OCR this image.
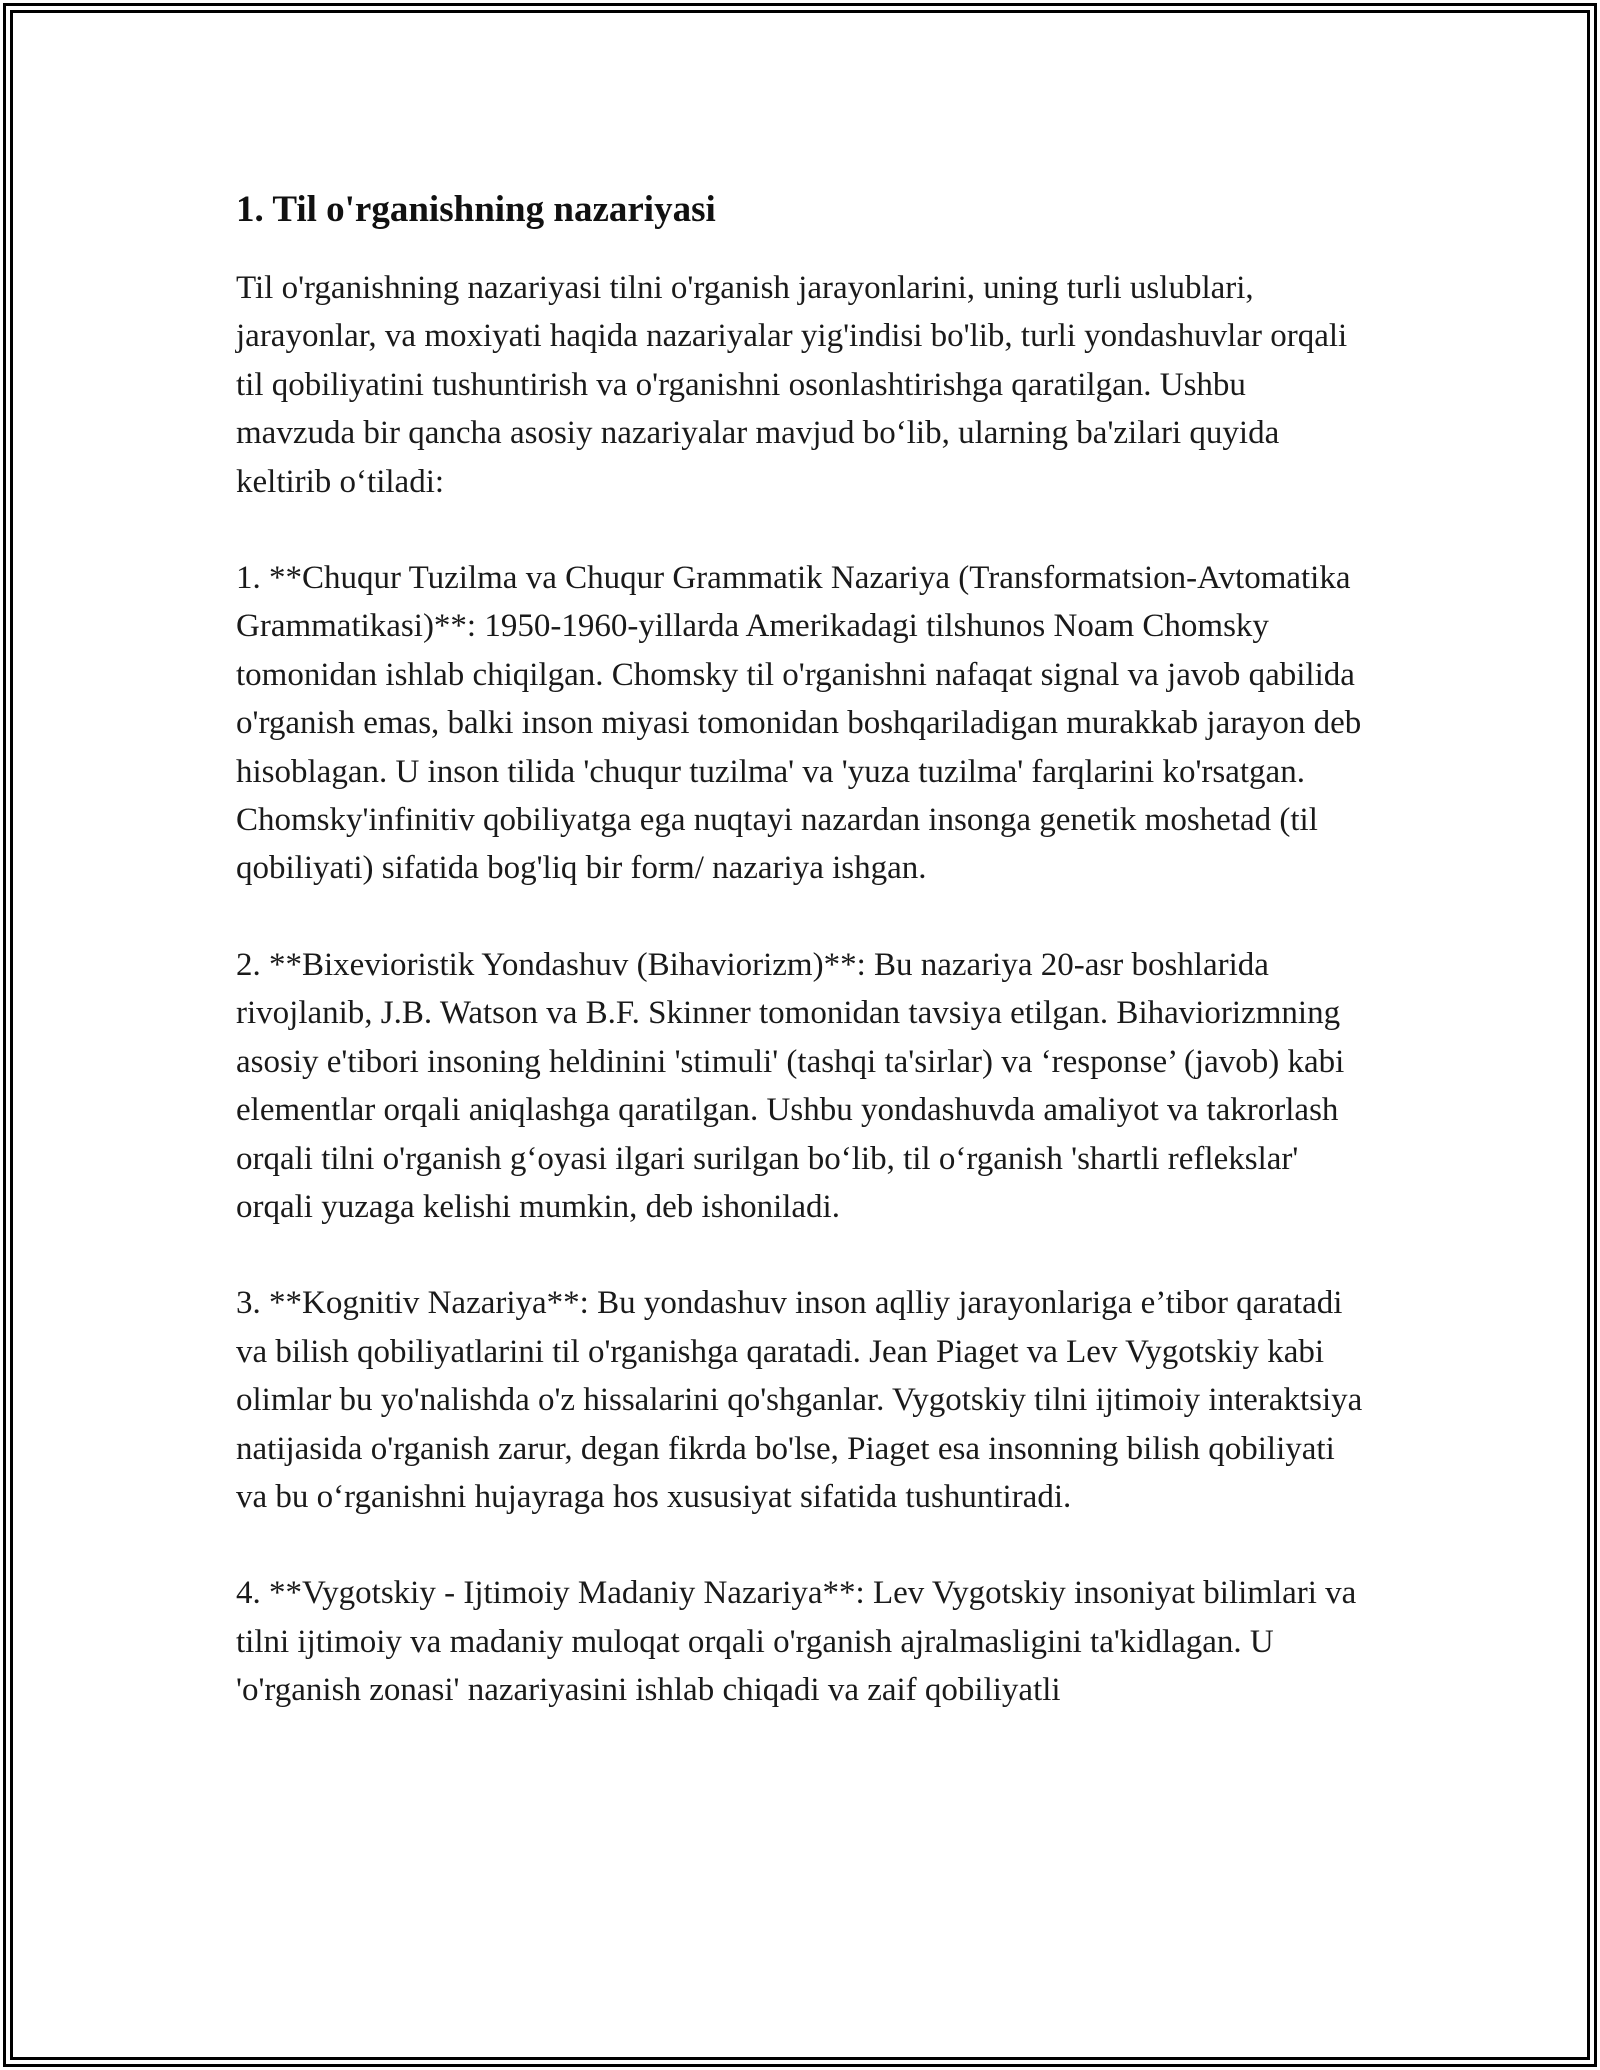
1. Til o'rganishning nazariyasi

Til o'rganishning nazariyasi tilni o'rganish jarayonlarini, uning turli uslublari, jarayonlar, va moxiyati haqida nazariyalar yig'indisi bo'lib, turli yondashuvlar orqali til qobiliyatini tushuntirish va o'rganishni osonlashtirishga qaratilgan. Ushbu mavzuda bir qancha asosiy nazariyalar mavjud bo‘lib, ularning ba'zilari quyida keltirib o‘tiladi:

1. **Chuqur Tuzilma va Chuqur Grammatik Nazariya (Transformatsion-Avtomatika Grammatikasi)**: 1950-1960-yillarda Amerikadagi tilshunos Noam Chomsky tomonidan ishlab chiqilgan. Chomsky til o'rganishni nafaqat signal va javob qabilida o'rganish emas, balki inson miyasi tomonidan boshqariladigan murakkab jarayon deb hisoblagan. U inson tilida 'chuqur tuzilma' va 'yuza tuzilma' farqlarini ko'rsatgan. Chomsky'infinitiv qobiliyatga ega nuqtayi nazardan insonga genetik moshetad (til qobiliyati) sifatida bog'liq bir form/ nazariya ishgan.

2. **Bixevioristik Yondashuv (Bihaviorizm)**: Bu nazariya 20-asr boshlarida rivojlanib, J.B. Watson va B.F. Skinner tomonidan tavsiya etilgan. Bihaviorizmning asosiy e'tibori insoning heldinini 'stimuli' (tashqi ta'sirlar) va ‘response’ (javob) kabi elementlar orqali aniqlashga qaratilgan. Ushbu yondashuvda amaliyot va takrorlash orqali tilni o'rganish g‘oyasi ilgari surilgan bo‘lib, til o‘rganish 'shartli reflekslar' orqali yuzaga kelishi mumkin, deb ishoniladi.

3. **Kognitiv Nazariya**: Bu yondashuv inson aqlliy jarayonlariga e’tibor qaratadi va bilish qobiliyatlarini til o'rganishga qaratadi. Jean Piaget va Lev Vygotskiy kabi olimlar bu yo'nalishda o'z hissalarini qo'shganlar. Vygotskiy tilni ijtimoiy interaktsiya natijasida o'rganish zarur, degan fikrda bo'lse, Piaget esa insonning bilish qobiliyati va bu o‘rganishni hujayraga hos xususiyat sifatida tushuntiradi.

4. **Vygotskiy - Ijtimoiy Madaniy Nazariya**: Lev Vygotskiy insoniyat bilimlari va tilni ijtimoiy va madaniy muloqat orqali o'rganish ajralmasligini ta'kidlagan. U 'o'rganish zonasi' nazariyasini ishlab chiqadi va zaif qobiliyatli
